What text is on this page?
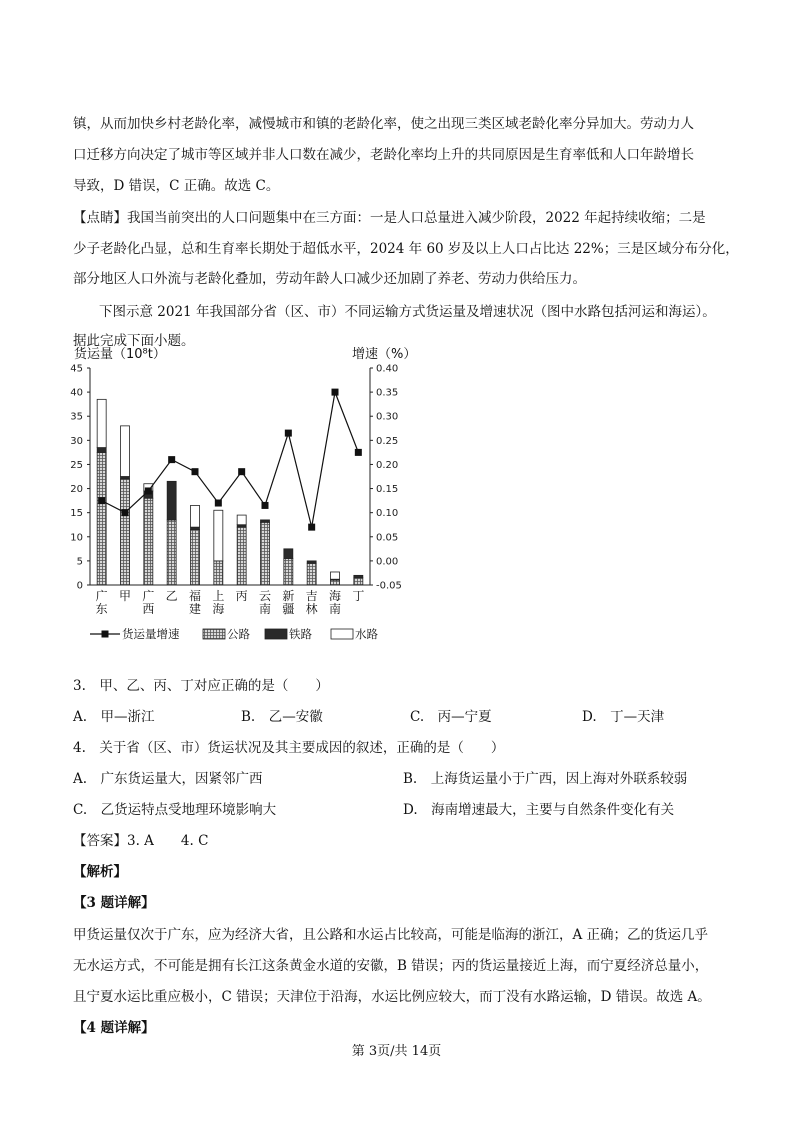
镇，从而加快乡村老龄化率，减慢城市和镇的老龄化率，使之出现三类区域老龄化率分异加大。劳动力人
口迁移方向决定了城市等区域并非人口数在减少，老龄化率均上升的共同原因是生育率低和人口年龄增长
导致，D 错误，C 正确。故选 C。
【点睛】我国当前突出的人口问题集中在三方面：一是人口总量进入减少阶段，2022 年起持续收缩；二是
少子老龄化凸显，总和生育率长期处于超低水平，2024 年 60 岁及以上人口占比达 22%；三是区域分布分化，
部分地区人口外流与老龄化叠加，劳动年龄人口减少还加剧了养老、劳动力供给压力。
下图示意 2021 年我国部分省（区、市）不同运输方式货运量及增速状况（图中水路包括河运和海运）。
据此完成下面小题。
货运量（10⁸t）	增速（%）
0
5
10
15
20
25
30
35
40
45
-0.05
0.00
0.05
0.10
0.15
0.20
0.25
0.30
0.35
0.40
广
东
甲 广
西
乙 福
建
上
海
丙 云
南
新
疆
吉
林
海
南
丁
货运量增速	公路	铁路	水路
3.　甲、乙、丙、丁对应正确的是（　　）
A.　甲—浙江	B.　乙—安徽	C.　丙—宁夏	D.　丁—天津
4.　关于省（区、市）货运状况及其主要成因的叙述，正确的是（　　）
A.　广东货运量大，因紧邻广西	B.　上海货运量小于广西，因上海对外联系较弱
C.　乙货运特点受地理环境影响大	D.　海南增速最大，主要与自然条件变化有关
【答案】3. A　　4. C
【解析】
【3 题详解】
甲货运量仅次于广东，应为经济大省，且公路和水运占比较高，可能是临海的浙江，A 正确；乙的货运几乎
无水运方式，不可能是拥有长江这条黄金水道的安徽，B 错误；丙的货运量接近上海，而宁夏经济总量小，
且宁夏水运比重应极小，C 错误；天津位于沿海，水运比例应较大，而丁没有水路运输，D 错误。故选 A。
【4 题详解】
第 3页/共 14页
